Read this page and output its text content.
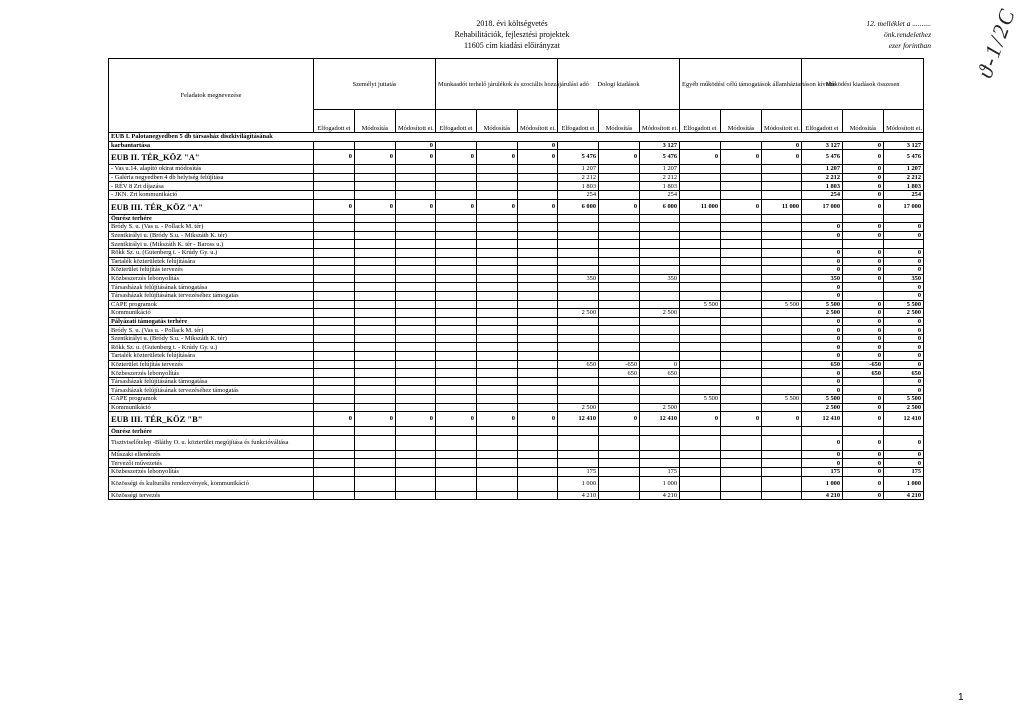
2018. évi költségvetés
Rehabilitációk, fejlesztési projektek
11605 cím kiadási előirányzat
12. melléklet a ..........
önk.rendelethez
ezer forintban ϑ-1/2C
Feladatok megnevezése	Személyi juttatás			Munkaadót terhelő járulékok és szociális hozzájárulási adó			Dologi kiadások			Egyéb működési célú támogatások államháztartáson kívülre			Működési kiadások összesen		
	Elfogadott ei	Módosítás	Módosított ei.	Elfogadott ei	Módosítás	Módosított ei.	Elfogadott ei	Módosítás	Módosított ei.	Elfogadott ei	Módosítás	Módosított ei.	Elfogadott ei	Módosítás	Módosított ei.
EUB I. Palotanegyedben 5 db társasház díszkivilágításának															
karbantartása			0			0			3 127			0	3 127	0	3 127
EUB II. TÉR_KÖZ "A"	0	0	0	0	0	0	5 476	0	5 476	0	0	0	5 476	0	5 476
- Vas u.14. alapító okirat módosítás							1 207		1 207				1 207	0	1 207
- Galéria negyedben 4 db helyiség felújítása							2 212		2 212				2 212	0	2 212
- RÉV 8 Zrt díjazása							1 803		1 803				1 803	0	1 803
- JKN. Zrt kommunikáció							254		254				254	0	254
EUB III. TÉR_KÖZ "A"	0	0	0	0	0	0	6 000	0	6 000	11 000	0	11 000	17 000	0	17 000
Önrész terhére															
Bródy S. u. (Vas u. - Pollack M. tér)													0	0	0
Szentkirályi u. (Bródy S.u. - Mikszáth K. tér)													0	0	0
Szentkirályi u. (Mikszáth K. tér - Baross u.)															
Rökk Sz. u. (Gutenberg t. - Krúdy Gy. u.)													0	0	0
Tartalék közterületek felújítására													0	0	0
Közterület felújítás tervezés													0	0	0
Közbeszerzés lebonyolítás							350		350				350	0	350
Társasházak felújításának támogatása													0		0
Társasházak felújításának tervezéséhez támogatás													0		0
CAPE programok										5 500		5 500	5 500	0	5 500
Kommunikáció							2 500		2 500				2 500	0	2 500
Pályázati támogatás terhére													0	0	0
Bródy S. u. (Vas u. - Pollack M. tér)													0	0	0
Szentkirályi u. (Bródy S.u. - Mikszáth K. tér)													0	0	0
Rökk Sz. u. (Gutenberg t. - Krúdy Gy. u.)													0	0	0
Tartalék közterületek felújítására													0	0	0
Közterület felújítás tervezés							650	-650	0				650	-650	0
Közbeszerzés lebonyolítás								650	650				0	650	650
Társasházak felújításának támogatása													0		0
Társasházak felújításának tervezéséhez támogatás													0		0
CAPE programok										5 500		5 500	5 500	0	5 500
Kommunikáció							2 500		2 500				2 500	0	2 500
EUB III. TÉR_KÖZ "B"	0	0	0	0	0	0	12 410	0	12 410	0	0	0	12 410	0	12 410
Önrész terhére															
Tisztviselőtelep -Bláthy O. u. közterület megújítása és funkcióváltása													0	0	0
Műszaki ellenőrzés													0	0	0
Tervezői művezetés													0	0	0
Közbeszerzés lebonyolítás							175		175				175	0	175
Közösségi és kulturális rendezvények, kommunikáció							1 000		1 000				1 000	0	1 000
Közösségi tervezés							4 210		4 210				4 210	0	4 210
1
